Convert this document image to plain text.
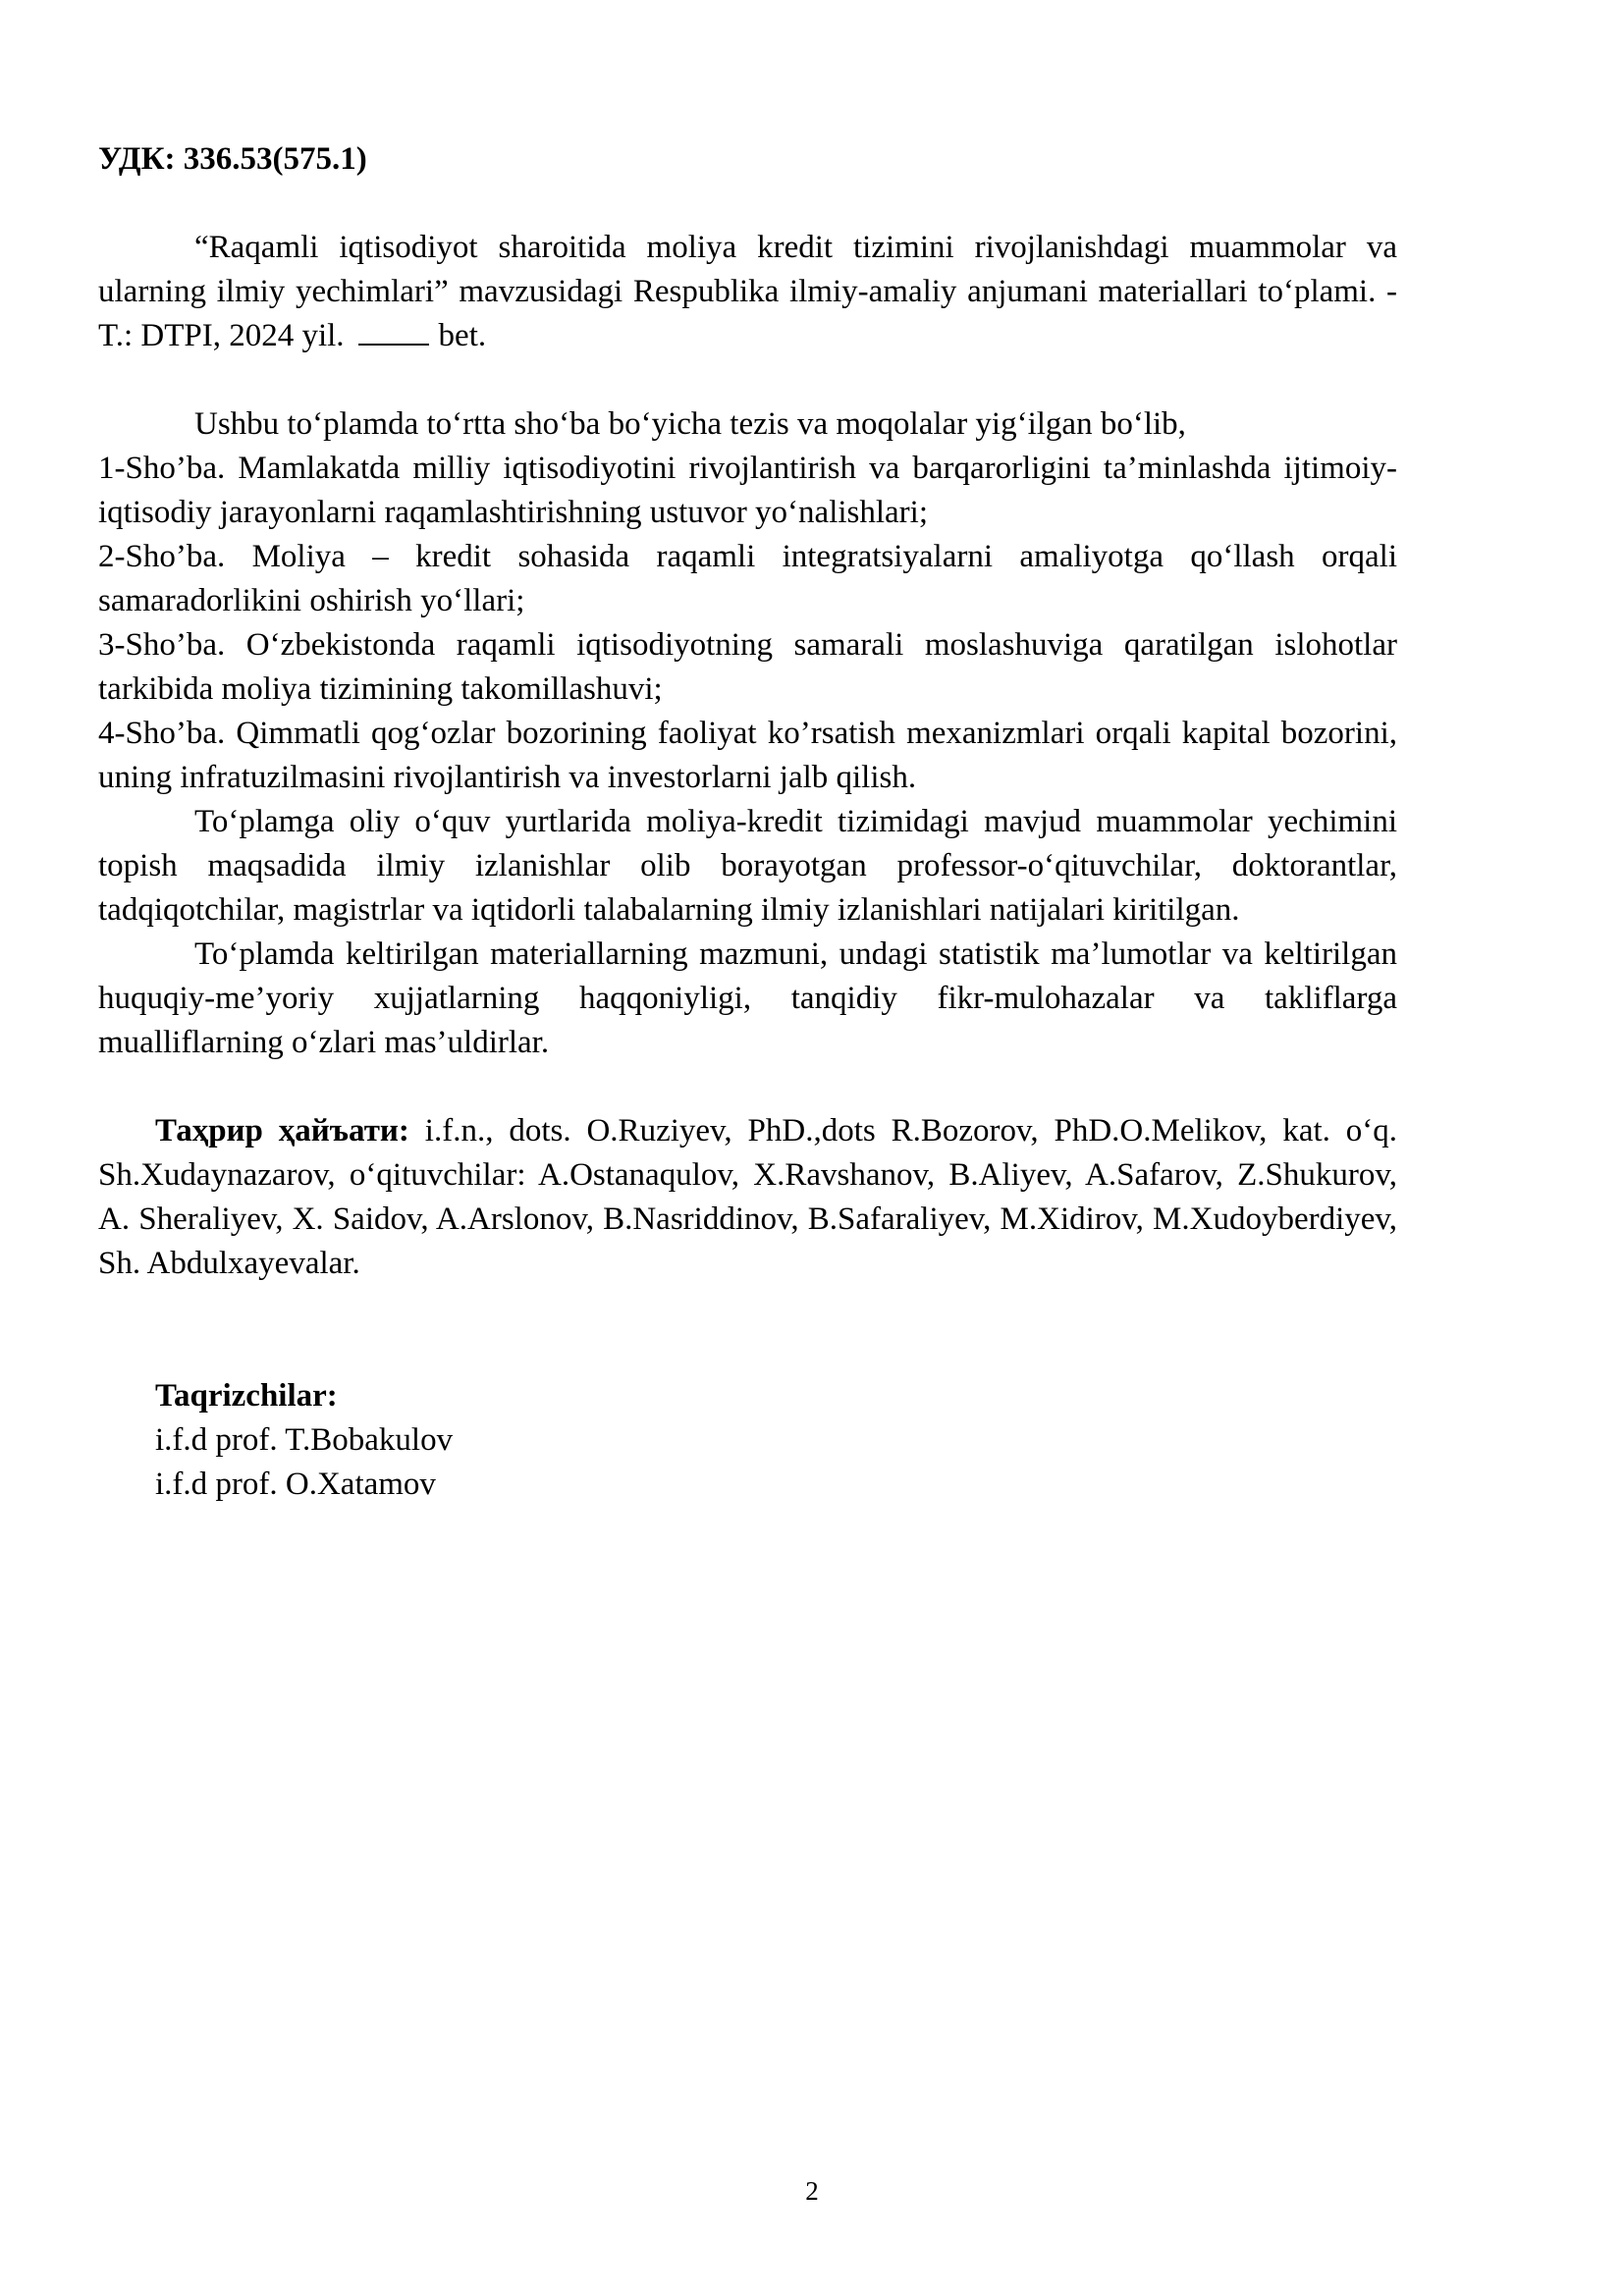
УДК: 336.53(575.1)

“Raqamli iqtisodiyot sharoitida moliya kredit tizimini rivojlanishdagi muammolar va ularning ilmiy yechimlari” mavzusidagi Respublika ilmiy-amaliy anjumani materiallari to‘plami. -T.: DTPI, 2024 yil.	bet.

Ushbu to‘plamda to‘rtta sho‘ba bo‘yicha tezis va moqolalar yig‘ilgan bo‘lib,

1-Sho’ba. Mamlakatda milliy iqtisodiyotini rivojlantirish va barqarorligini ta’minlashda ijtimoiy-iqtisodiy jarayonlarni raqamlashtirishning ustuvor yo‘nalishlari;

2-Sho’ba. Moliya – kredit sohasida raqamli integratsiyalarni amaliyotga qo‘llash orqali samaradorlikini oshirish yo‘llari;

3-Sho’ba. O‘zbekistonda raqamli iqtisodiyotning samarali moslashuviga qaratilgan islohotlar tarkibida moliya tizimining takomillashuvi;

4-Sho’ba. Qimmatli qog‘ozlar bozorining faoliyat ko’rsatish mexanizmlari orqali kapital bozorini, uning infratuzilmasini rivojlantirish va investorlarni jalb qilish.

To‘plamga oliy o‘quv yurtlarida moliya-kredit tizimidagi mavjud muammolar yechimini topish maqsadida ilmiy izlanishlar olib borayotgan professor-o‘qituvchilar, doktorantlar, tadqiqotchilar, magistrlar va iqtidorli talabalarning ilmiy izlanishlari natijalari kiritilgan.

To‘plamda keltirilgan materiallarning mazmuni, undagi statistik ma’lumotlar va keltirilgan huquqiy-me’yoriy xujjatlarning haqqoniyligi, tanqidiy fikr-mulohazalar va takliflarga mualliflarning o‘zlari mas’uldirlar.

Таҳрир ҳайъати: i.f.n., dots. O.Ruziyev, PhD.,dots R.Bozorov, PhD.O.Melikov, kat. o‘q. Sh.Xudaynazarov, o‘qituvchilar: A.Ostanaqulov, X.Ravshanov, B.Aliyev, A.Safarov, Z.Shukurov, A. Sheraliyev, X. Saidov, A.Arslonov, B.Nasriddinov, B.Safaraliyev, M.Xidirov, M.Xudoyberdiyev, Sh. Abdulxayevalar.

Taqrizchilar:
i.f.d prof. T.Bobakulov
i.f.d prof. O.Xatamov
2
